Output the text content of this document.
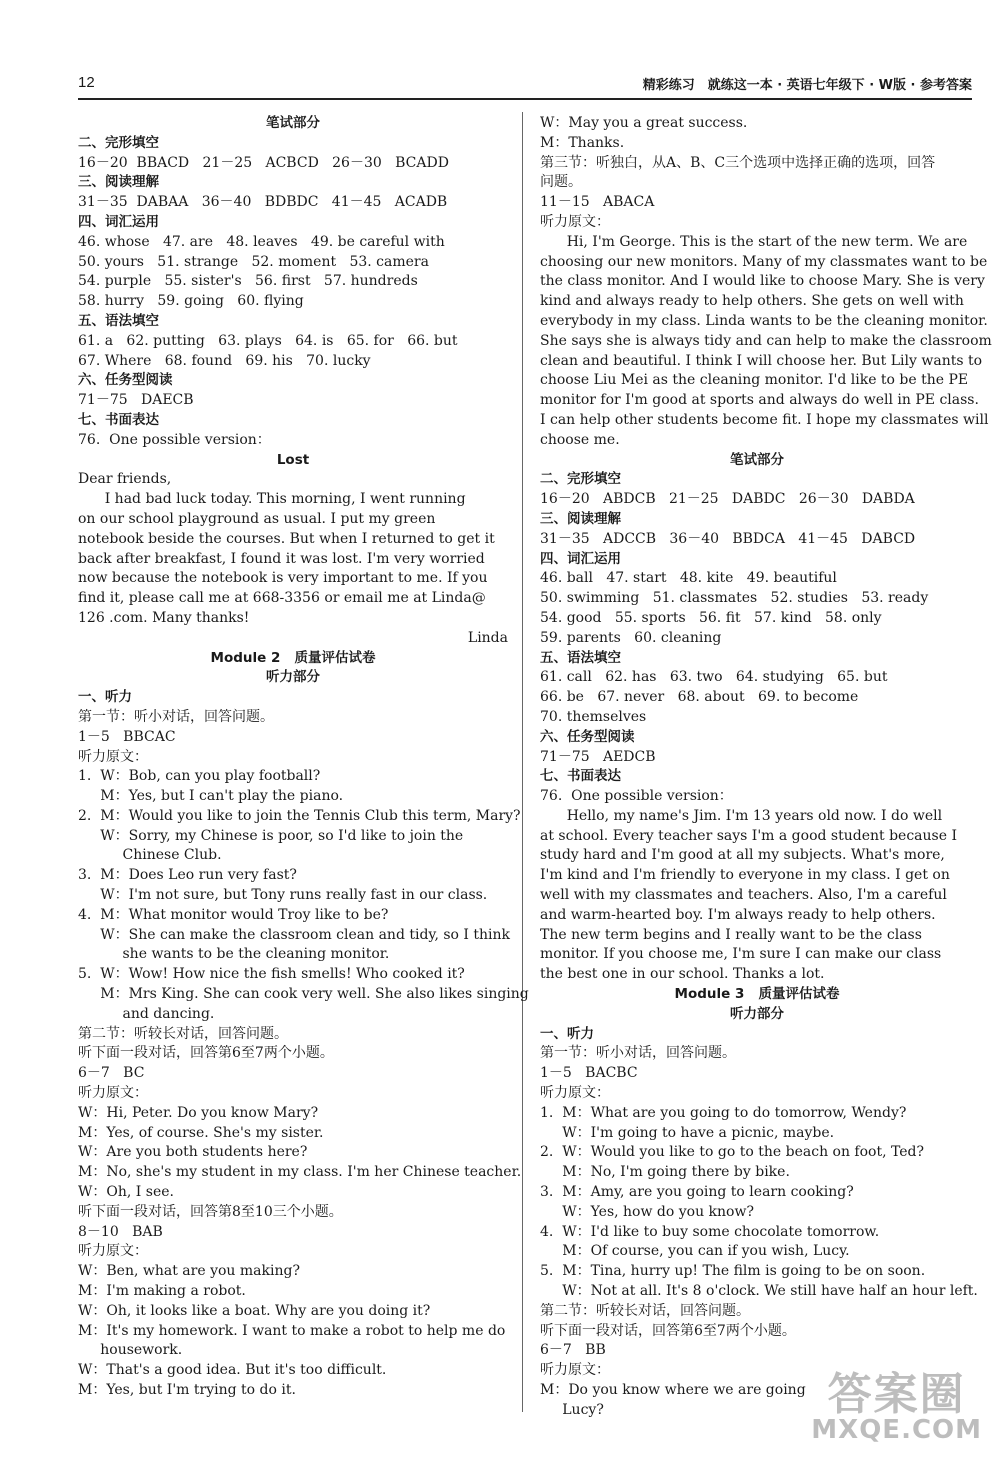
12	精彩练习　就练这一本 · 英语七年级下 · W版 · 参考答案
笔试部分
二、完形填空
16－20  BBACD   21－25   ACBCD   26－30   BCADD
三、阅读理解
31－35  DABAA   36－40   BDBDC   41－45   ACADB
四、词汇运用
46. whose   47. are   48. leaves   49. be careful with
50. yours   51. strange   52. moment   53. camera
54. purple   55. sister's   56. first   57. hundreds
58. hurry   59. going   60. flying
五、语法填空
61. a   62. putting   63. plays   64. is   65. for   66. but
67. Where   68. found   69. his   70. lucky
六、任务型阅读
71－75   DAECB
七、书面表达
76.  One possible version：
Lost
Dear friends,
I had bad luck today. This morning, I went running
on our school playground as usual. I put my green
notebook beside the courses. But when I returned to get it
back after breakfast, I found it was lost. I'm very worried
now because the notebook is very important to me. If you
find it, please call me at 668-3356 or email me at Linda@
126 .com. Many thanks!
Linda
Module 2   质量评估试卷
听力部分
一、听力
第一节：听小对话，回答问题。
1－5   BBCAC
听力原文：
1.  W：Bob, can you play football?
M：Yes, but I can't play the piano.
2.  M：Would you like to join the Tennis Club this term, Mary?
W：Sorry, my Chinese is poor, so I'd like to join the
Chinese Club.
3.  M：Does Leo run very fast?
W：I'm not sure, but Tony runs really fast in our class.
4.  M：What monitor would Troy like to be?
W：She can make the classroom clean and tidy, so I think
she wants to be the cleaning monitor.
5.  W：Wow! How nice the fish smells! Who cooked it?
M：Mrs King. She can cook very well. She also likes singing
and dancing.
第二节：听较长对话，回答问题。
听下面一段对话，回答第6至7两个小题。
6－7   BC
听力原文：
W：Hi, Peter. Do you know Mary?
M：Yes, of course. She's my sister.
W：Are you both students here?
M：No, she's my student in my class. I'm her Chinese teacher.
W：Oh, I see.
听下面一段对话，回答第8至10三个小题。
8－10   BAB
听力原文：
W：Ben, what are you making?
M：I'm making a robot.
W：Oh, it looks like a boat. Why are you doing it?
M：It's my homework. I want to make a robot to help me do
housework.
W：That's a good idea. But it's too difficult.
M：Yes, but I'm trying to do it.
W：May you a great success.
M：Thanks.
第三节：听独白，从A、B、C三个选项中选择正确的选项，回答
问题。
11－15   ABACA
听力原文：
Hi, I'm George. This is the start of the new term. We are
choosing our new monitors. Many of my classmates want to be
the class monitor. And I would like to choose Mary. She is very
kind and always ready to help others. She gets on well with
everybody in my class. Linda wants to be the cleaning monitor.
She says she is always tidy and can help to make the classroom
clean and beautiful. I think I will choose her. But Lily wants to
choose Liu Mei as the cleaning monitor. I'd like to be the PE
monitor for I'm good at sports and always do well in PE class.
I can help other students become fit. I hope my classmates will
choose me.
笔试部分
二、完形填空
16－20   ABDCB   21－25   DABDC   26－30   DABDA
三、阅读理解
31－35   ADCCB   36－40   BBDCA   41－45   DABCD
四、词汇运用
46. ball   47. start   48. kite   49. beautiful
50. swimming   51. classmates   52. studies   53. ready
54. good   55. sports   56. fit   57. kind   58. only
59. parents   60. cleaning
五、语法填空
61. call   62. has   63. two   64. studying   65. but
66. be   67. never   68. about   69. to become
70. themselves
六、任务型阅读
71－75   AEDCB
七、书面表达
76.  One possible version：
Hello, my name's Jim. I'm 13 years old now. I do well
at school. Every teacher says I'm a good student because I
study hard and I'm good at all my subjects. What's more,
I'm kind and I'm friendly to everyone in my class. I get on
well with my classmates and teachers. Also, I'm a careful
and warm-hearted boy. I'm always ready to help others.
The new term begins and I really want to be the class
monitor. If you choose me, I'm sure I can make our class
the best one in our school. Thanks a lot.
Module 3   质量评估试卷
听力部分
一、听力
第一节：听小对话，回答问题。
1－5   BACBC
听力原文：
1.  M：What are you going to do tomorrow, Wendy?
W：I'm going to have a picnic, maybe.
2.  W：Would you like to go to the beach on foot, Ted?
M：No, I'm going there by bike.
3.  M：Amy, are you going to learn cooking?
W：Yes, how do you know?
4.  W：I'd like to buy some chocolate tomorrow.
M：Of course, you can if you wish, Lucy.
5.  M：Tina, hurry up! The film is going to be on soon.
W：Not at all. It's 8 o'clock. We still have half an hour left.
第二节：听较长对话，回答问题。
听下面一段对话，回答第6至7两个小题。
6－7   BB
听力原文：
M：Do you know where we are going
Lucy?	答案圈
MXQE.COM
